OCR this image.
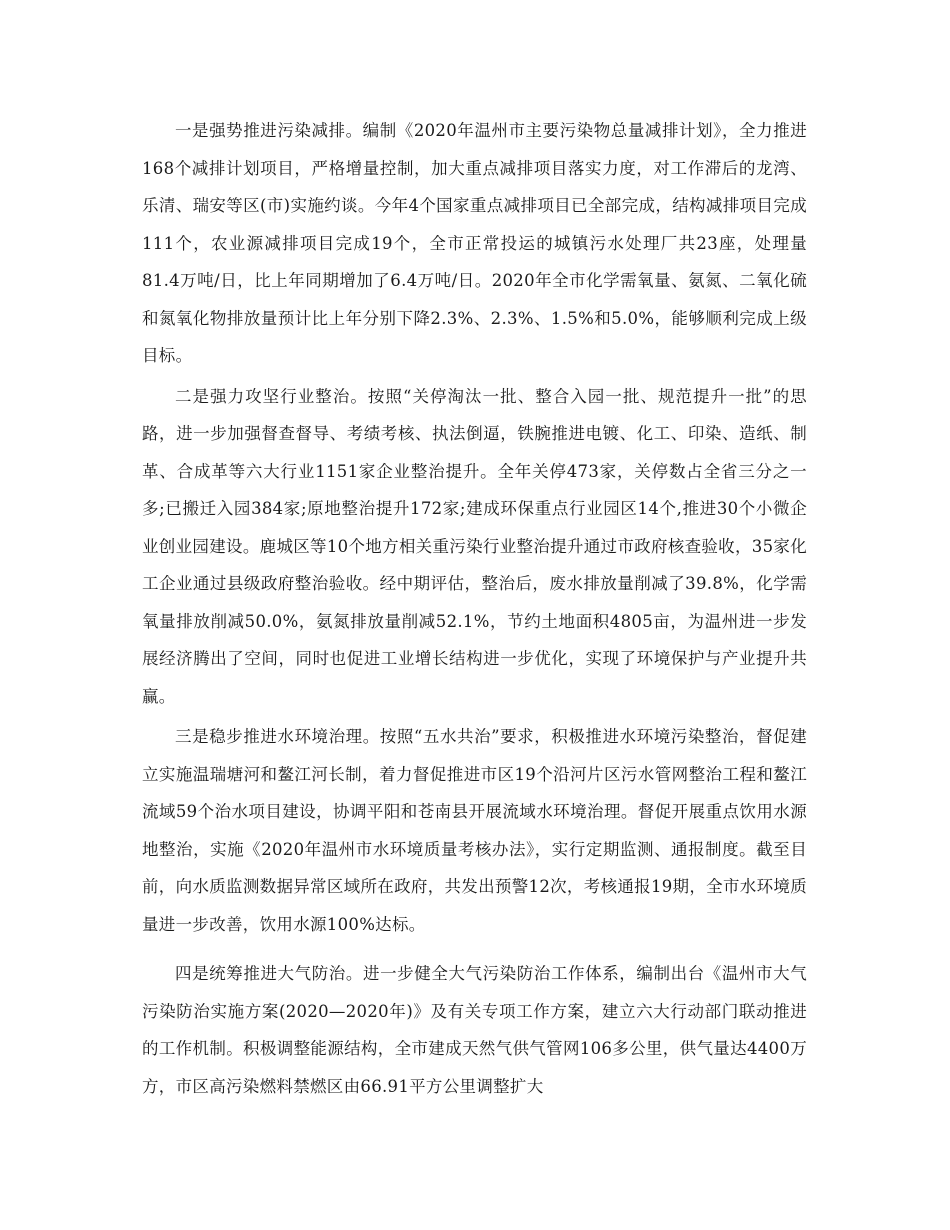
一是强势推进污染减排。编制《2020年温州市主要污染物总量减排计划》，全力推进168个减排计划项目，严格增量控制，加大重点减排项目落实力度，对工作滞后的龙湾、乐清、瑞安等区(市)实施约谈。今年4个国家重点减排项目已全部完成，结构减排项目完成111个，农业源减排项目完成19个，全市正常投运的城镇污水处理厂共23座，处理量81.4万吨/日，比上年同期增加了6.4万吨/日。2020年全市化学需氧量、氨氮、二氧化硫和氮氧化物排放量预计比上年分别下降2.3%、2.3%、1.5%和5.0%，能够顺利完成上级目标。

二是强力攻坚行业整治。按照“关停淘汰一批、整合入园一批、规范提升一批”的思路，进一步加强督查督导、考绩考核、执法倒逼，铁腕推进电镀、化工、印染、造纸、制革、合成革等六大行业1151家企业整治提升。全年关停473家，关停数占全省三分之一多;已搬迁入园384家;原地整治提升172家;建成环保重点行业园区14个,推进30个小微企业创业园建设。鹿城区等10个地方相关重污染行业整治提升通过市政府核查验收，35家化工企业通过县级政府整治验收。经中期评估，整治后，废水排放量削减了39.8%，化学需氧量排放削减50.0%，氨氮排放量削减52.1%，节约土地面积4805亩，为温州进一步发展经济腾出了空间，同时也促进工业增长结构进一步优化，实现了环境保护与产业提升共赢。

三是稳步推进水环境治理。按照“五水共治”要求，积极推进水环境污染整治，督促建立实施温瑞塘河和鳌江河长制，着力督促推进市区19个沿河片区污水管网整治工程和鳌江流域59个治水项目建设，协调平阳和苍南县开展流域水环境治理。督促开展重点饮用水源地整治，实施《2020年温州市水环境质量考核办法》，实行定期监测、通报制度。截至目前，向水质监测数据异常区域所在政府，共发出预警12次，考核通报19期，全市水环境质量进一步改善，饮用水源100%达标。

四是统筹推进大气防治。进一步健全大气污染防治工作体系，编制出台《温州市大气污染防治实施方案(2020—2020年)》及有关专项工作方案，建立六大行动部门联动推进的工作机制。积极调整能源结构，全市建成天然气供气管网106多公里，供气量达4400万方，市区高污染燃料禁燃区由66.91平方公里调整扩大
